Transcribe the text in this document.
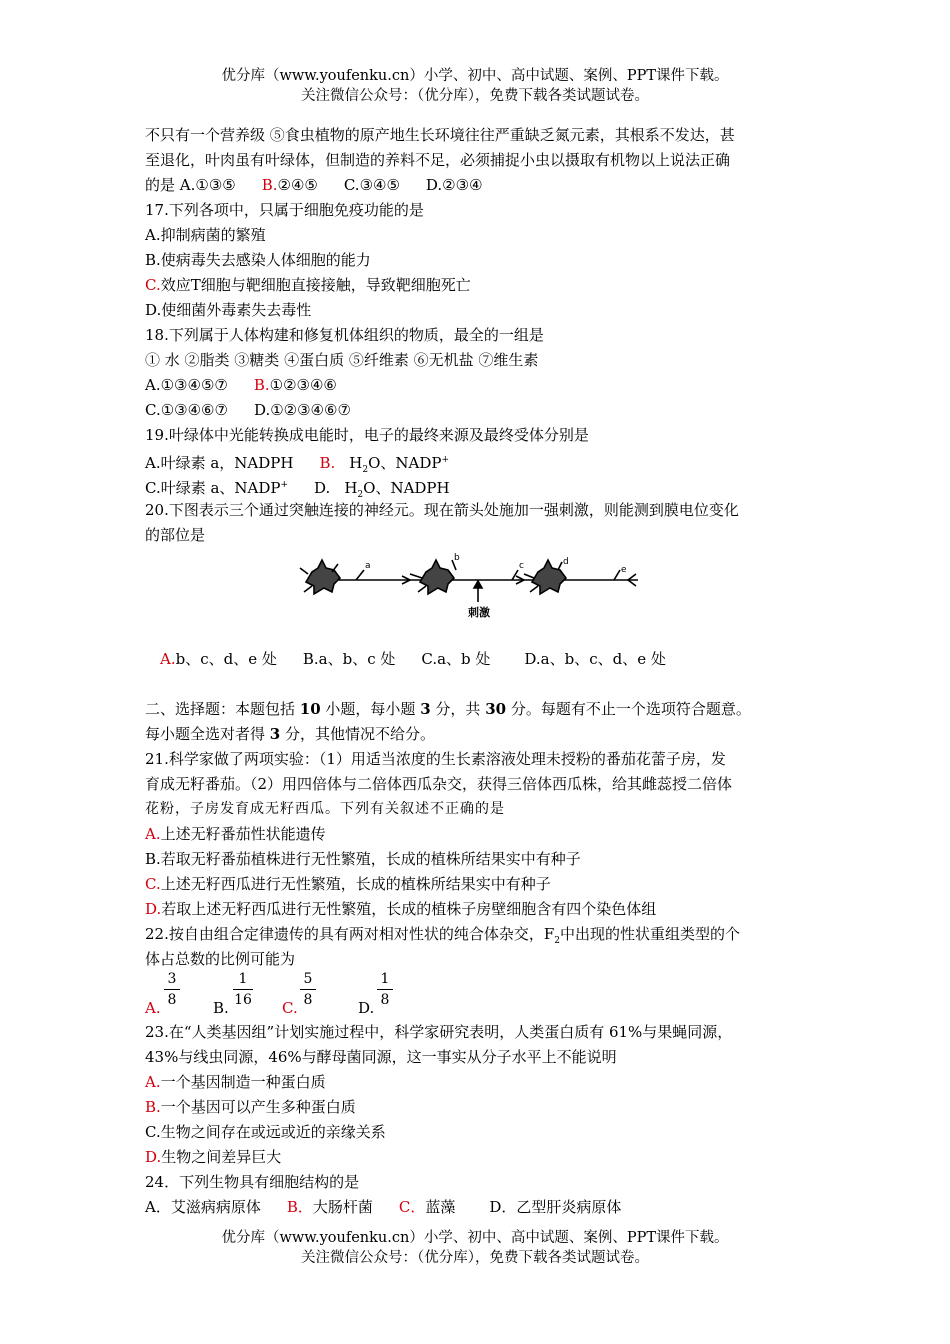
优分库（www.youfenku.cn）小学、初中、高中试题、案例、PPT课件下载。
关注微信公众号：（优分库），免费下载各类试题试卷。
不只有一个营养级 ⑤食虫植物的原产地生长环境往往严重缺乏氮元素，其根系不发达，甚
至退化，叶肉虽有叶绿体，但制造的养料不足，必须捕捉小虫以摄取有机物以上说法正确
的是 A.①③⑤ B.②④⑤ C.③④⑤ D.②③④
17.下列各项中，只属于细胞免疫功能的是
A.抑制病菌的繁殖
B.使病毒失去感染人体细胞的能力
C.效应T细胞与靶细胞直接接触，导致靶细胞死亡
D.使细菌外毒素失去毒性
18.下列属于人体构建和修复机体组织的物质，最全的一组是
① 水 ②脂类 ③糖类 ④蛋白质 ⑤纤维素 ⑥无机盐 ⑦维生素
A.①③④⑤⑦ B.①②③④⑥
C.①③④⑥⑦ D.①②③④⑥⑦
19.叶绿体中光能转换成电能时，电子的最终来源及最终受体分别是
A.叶绿素 a，NADPH B. $H_2O$、NADP+
C.叶绿素 a、NADP+ D. $H_2O$、NADPH
20.下图表示三个通过突触连接的神经元。现在箭头处施加一强刺激，则能测到膜电位变化
的部位是
a
b
c	d
e
刺激
A.b、c、d、e 处 B.a、b、c 处 C.a、b 处 D.a、b、c、d、e 处
二、选择题：本题包括 10 小题，每小题 3 分，共 30 分。每题有不止一个选项符合题意。
每小题全选对者得 3 分，其他情况不给分。
21.科学家做了两项实验：（1）用适当浓度的生长素溶液处理未授粉的番茄花蕾子房，发
育成无籽番茄。（2）用四倍体与二倍体西瓜杂交，获得三倍体西瓜株，给其雌蕊授二倍体
花粉，子房发育成无籽西瓜。下列有关叙述不正确的是
A.上述无籽番茄性状能遗传
B.若取无籽番茄植株进行无性繁殖，长成的植株所结果实中有种子
C.上述无籽西瓜进行无性繁殖，长成的植株所结果实中有种子
D.若取上述无籽西瓜进行无性繁殖，长成的植株子房壁细胞含有四个染色体组
22.按自由组合定律遗传的具有两对相对性状的纯合体杂交，$F_2$中出现的性状重组类型的个
体占总数的比例可能为
A.
3
8 B.
1
16 C.
5
8	D.
1
8
23.在“人类基因组”计划实施过程中，科学家研究表明，人类蛋白质有 61%与果蝇同源，
43%与线虫同源，46%与酵母菌同源，这一事实从分子水平上不能说明
A.一个基因制造一种蛋白质
B.一个基因可以产生多种蛋白质
C.生物之间存在或远或近的亲缘关系
D.生物之间差异巨大
24．下列生物具有细胞结构的是
A．艾滋病病原体 B．大肠杆菌 C．蓝藻 D．乙型肝炎病原体
优分库（www.youfenku.cn）小学、初中、高中试题、案例、PPT课件下载。
关注微信公众号：（优分库），免费下载各类试题试卷。
